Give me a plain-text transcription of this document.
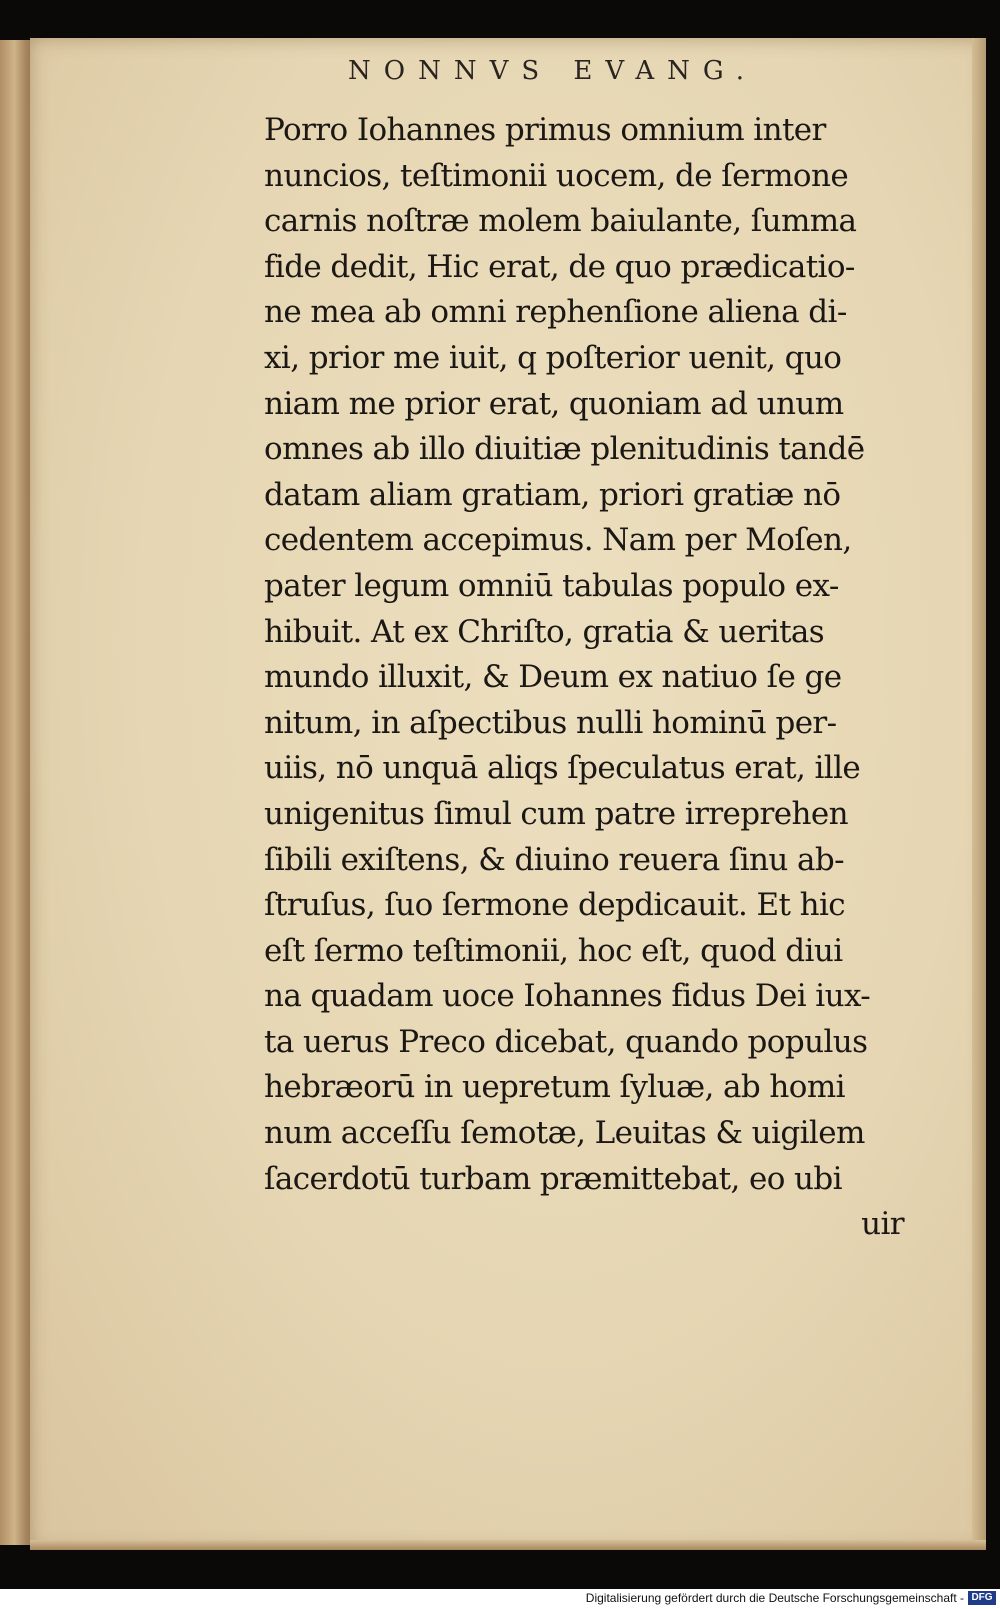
NONNVS EVANG.
Porro Iohannes primus omnium inter
nuncios, teſtimonii uocem, de ſermone
carnis noſtræ molem baiulante, ſumma
fide dedit, Hic erat, de quo prædicatio-
ne mea ab omni rephenſione aliena di-
xi, prior me iuit, q poſterior uenit, quo
niam me prior erat, quoniam ad unum
omnes ab illo diuitiæ plenitudinis tandē
datam aliam gratiam, priori gratiæ nō
cedentem accepimus. Nam per Moſen,
pater legum omniū tabulas populo ex-
hibuit. At ex Chriſto, gratia & ueritas
mundo illuxit, & Deum ex natiuo ſe ge
nitum, in aſpectibus nulli hominū per-
uiis, nō unquā aliqs ſpeculatus erat, ille
unigenitus ſimul cum patre irreprehen
ſibili exiſtens, & diuino reuera ſinu ab-
ſtruſus, ſuo ſermone depdicauit. Et hic
eſt ſermo teſtimonii, hoc eſt, quod diui
na quadam uoce Iohannes fidus Dei iux-
ta uerus Preco dicebat, quando populus
hebræorū in uepretum ſyluæ, ab homi
num acceſſu ſemotæ, Leuitas & uigilem
ſacerdotū turbam præmittebat, eo ubi
uir
Digitalisierung gefördert durch die Deutsche Forschungsgemeinschaft - DFG
